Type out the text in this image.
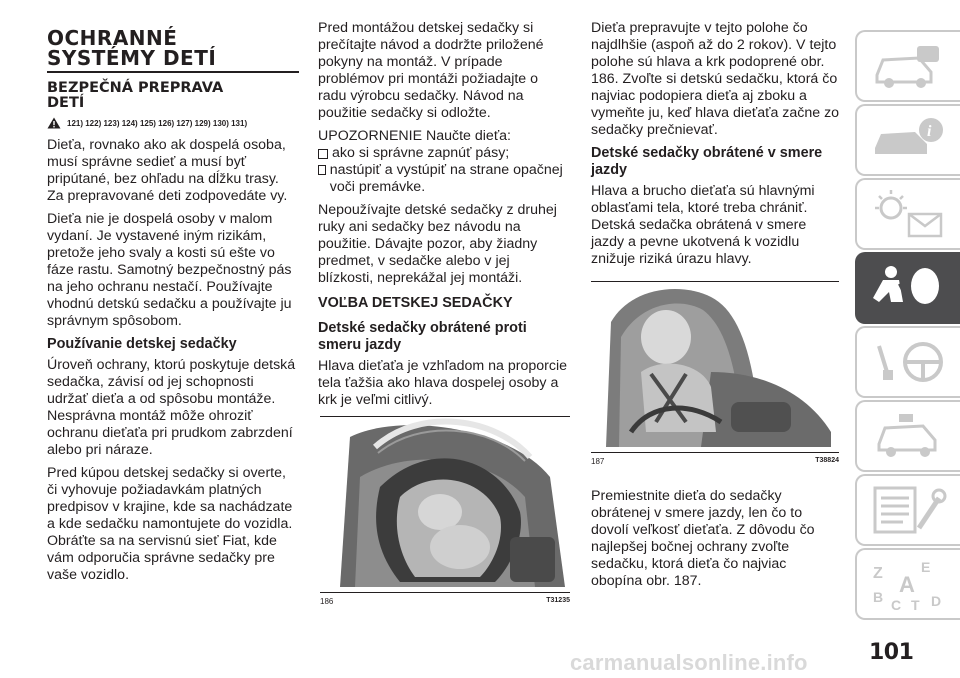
OCHRANNÉ
SYSTÉMY DETÍ
BEZPEČNÁ PREPRAVA
DETÍ
121) 122) 123) 124) 125) 126) 127) 129) 130) 131)

Dieťa, rovnako ako ak dospelá osoba, musí správne sedieť a musí byť pripútané, bez ohľadu na dĺžku trasy. Za prepravované deti zodpovedáte vy.

Dieťa nie je dospelá osoby v malom vydaní. Je vystavené iným rizikám, pretože jeho svaly a kosti sú ešte vo fáze rastu. Samotný bezpečnostný pás na jeho ochranu nestačí. Používajte vhodnú detskú sedačku a používajte ju správnym spôsobom.

Používanie detskej sedačky

Úroveň ochrany, ktorú poskytuje detská sedačka, závisí od jej schopnosti udržať dieťa a od spôsobu montáže. Nesprávna montáž môže ohroziť ochranu dieťaťa pri prudkom zabrzdení alebo pri náraze.

Pred kúpou detskej sedačky si overte, či vyhovuje požiadavkám platných predpisov v krajine, kde sa nachádzate a kde sedačku namontujete do vozidla. Obráťte sa na servisnú sieť Fiat, kde vám odporučia správne sedačky pre vaše vozidlo.

Pred montážou detskej sedačky si prečítajte návod a dodržte priložené pokyny na montáž. V prípade problémov pri montáži požiadajte o radu výrobcu sedačky. Návod na použitie sedačky si odložte.

UPOZORNENIE Naučte dieťa:

ako si správne zapnúť pásy;
nastúpiť a vystúpiť na strane opačnej voči premávke.

Nepoužívajte detské sedačky z druhej ruky ani sedačky bez návodu na použitie. Dávajte pozor, aby žiadny predmet, v sedačke alebo v jej blízkosti, neprekážal jej montáži.

VOĽBA DETSKEJ SEDAČKY
Detské sedačky obrátené proti smeru jazdy

Hlava dieťaťa je vzhľadom na proporcie tela ťažšia ako hlava dospelej osoby a krk je veľmi citlivý.

186	T31235

Dieťa prepravujte v tejto polohe čo najdlhšie (aspoň až do 2 rokov). V tejto polohe sú hlava a krk podoprené obr. 186. Zvoľte si detskú sedačku, ktorá čo najviac podopiera dieťa aj zboku a vymeňte ju, keď hlava dieťaťa začne zo sedačky prečnievať.

Detské sedačky obrátené v smere jazdy

Hlava a brucho dieťaťa sú hlavnými oblasťami tela, ktoré treba chrániť. Detská sedačka obrátená v smere jazdy a pevne ukotvená k vozidlu znižuje riziká úrazu hlavy.

187	T38824

Premiestnite dieťa do sedačky obrátenej v smere jazdy, len čo to dovolí veľkosť dieťaťa. Z dôvodu čo najlepšej bočnej ochrany zvoľte sedačku, ktorá dieťa čo najviac obopína obr. 187.

i
Z	E
A
B C T D
carmanualsonline.info	101
